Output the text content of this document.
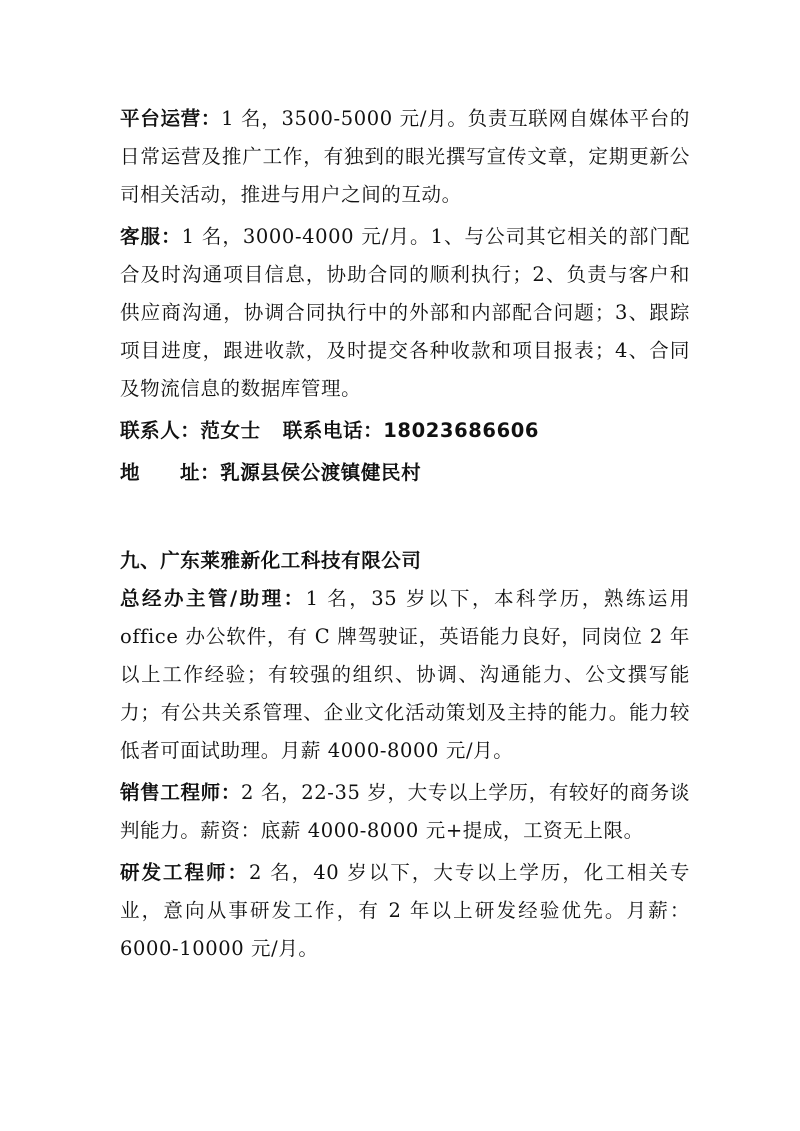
平台运营：1 名，3500-5000 元/月。负责互联网自媒体平台的日常运营及推广工作，有独到的眼光撰写宣传文章，定期更新公司相关活动，推进与用户之间的互动。

客服：1 名，3000-4000 元/月。1、与公司其它相关的部门配合及时沟通项目信息，协助合同的顺利执行；2、负责与客户和供应商沟通，协调合同执行中的外部和内部配合问题；3、跟踪项目进度，跟进收款，及时提交各种收款和项目报表；4、合同及物流信息的数据库管理。

联系人：范女士 联系电话：18023686606
地 址：乳源县侯公渡镇健民村
九、广东莱雅新化工科技有限公司

总经办主管/助理：1 名，35 岁以下，本科学历，熟练运用office 办公软件，有 C 牌驾驶证，英语能力良好，同岗位 2 年以上工作经验；有较强的组织、协调、沟通能力、公文撰写能力；有公共关系管理、企业文化活动策划及主持的能力。能力较低者可面试助理。月薪 4000-8000 元/月。

销售工程师：2 名，22-35 岁，大专以上学历，有较好的商务谈判能力。薪资：底薪 4000-8000 元+提成，工资无上限。

研发工程师：2 名，40 岁以下，大专以上学历，化工相关专业，意向从事研发工作，有 2 年以上研发经验优先。月薪：6000-10000 元/月。
